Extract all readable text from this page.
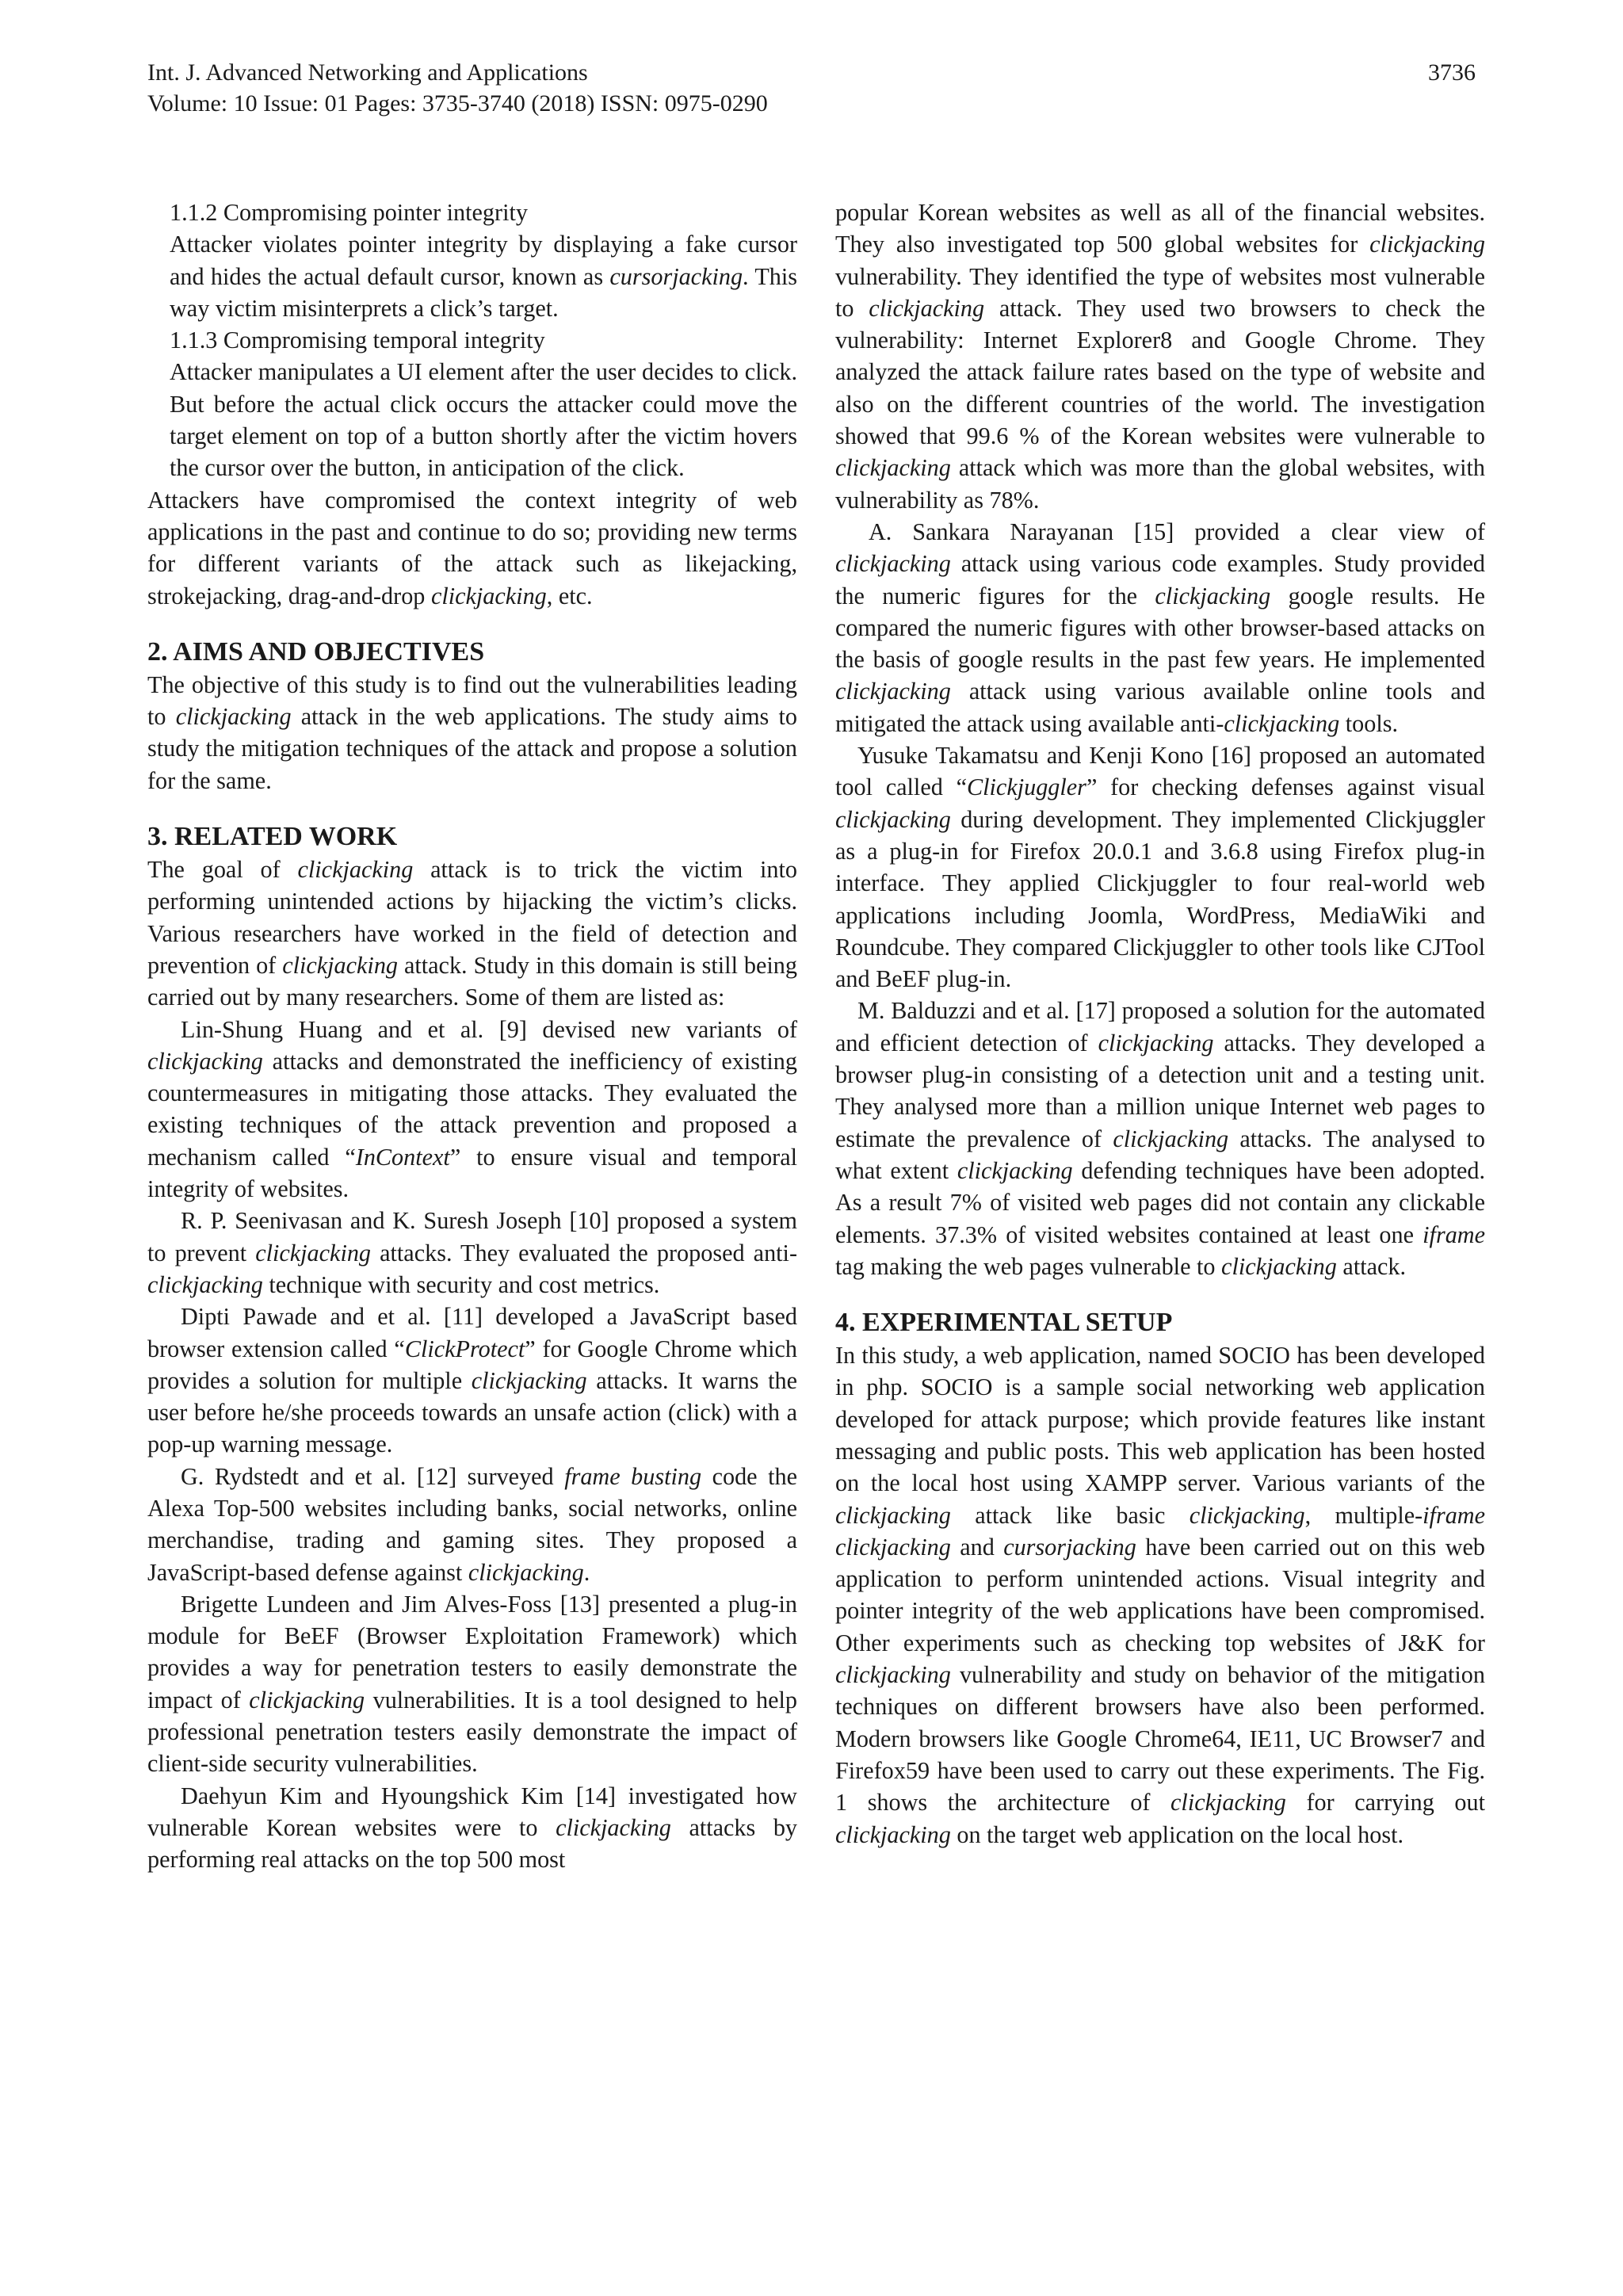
Int. J. Advanced Networking and Applications
Volume: 10 Issue: 01 Pages: 3735-3740 (2018) ISSN: 0975-0290
3736
1.1.2 Compromising pointer integrity

Attacker violates pointer integrity by displaying a fake cursor and hides the actual default cursor, known as cursorjacking. This way victim misinterprets a click’s target.

1.1.3 Compromising temporal integrity

Attacker manipulates a UI element after the user decides to click. But before the actual click occurs the attacker could move the target element on top of a button shortly after the victim hovers the cursor over the button, in anticipation of the click.

Attackers have compromised the context integrity of web applications in the past and continue to do so; providing new terms for different variants of the attack such as likejacking, strokejacking, drag-and-drop clickjacking, etc.

2. AIMS AND OBJECTIVES

The objective of this study is to find out the vulnerabilities leading to clickjacking attack in the web applications. The study aims to study the mitigation techniques of the attack and propose a solution for the same.

3. RELATED WORK

The goal of clickjacking attack is to trick the victim into performing unintended actions by hijacking the victim’s clicks. Various researchers have worked in the field of detection and prevention of clickjacking attack. Study in this domain is still being carried out by many researchers. Some of them are listed as:

Lin-Shung Huang and et al. [9] devised new variants of clickjacking attacks and demonstrated the inefficiency of existing countermeasures in mitigating those attacks. They evaluated the existing techniques of the attack prevention and proposed a mechanism called “InContext” to ensure visual and temporal integrity of websites.

R. P. Seenivasan and K. Suresh Joseph [10] proposed a system to prevent clickjacking attacks. They evaluated the proposed anti-clickjacking technique with security and cost metrics.

Dipti Pawade and et al. [11] developed a JavaScript based browser extension called “ClickProtect” for Google Chrome which provides a solution for multiple clickjacking attacks. It warns the user before he/she proceeds towards an unsafe action (click) with a pop-up warning message.

G. Rydstedt and et al. [12] surveyed frame busting code the Alexa Top-500 websites including banks, social networks, online merchandise, trading and gaming sites. They proposed a JavaScript-based defense against clickjacking.

Brigette Lundeen and Jim Alves-Foss [13] presented a plug-in module for BeEF (Browser Exploitation Framework) which provides a way for penetration testers to easily demonstrate the impact of clickjacking vulnerabilities. It is a tool designed to help professional penetration testers easily demonstrate the impact of client-side security vulnerabilities.

Daehyun Kim and Hyoungshick Kim [14] investigated how vulnerable Korean websites were to clickjacking attacks by performing real attacks on the top 500 most

popular Korean websites as well as all of the financial websites. They also investigated top 500 global websites for clickjacking vulnerability. They identified the type of websites most vulnerable to clickjacking attack. They used two browsers to check the vulnerability: Internet Explorer8 and Google Chrome. They analyzed the attack failure rates based on the type of website and also on the different countries of the world. The investigation showed that 99.6 % of the Korean websites were vulnerable to clickjacking attack which was more than the global websites, with vulnerability as 78%.

A. Sankara Narayanan [15] provided a clear view of clickjacking attack using various code examples. Study provided the numeric figures for the clickjacking google results. He compared the numeric figures with other browser-based attacks on the basis of google results in the past few years. He implemented clickjacking attack using various available online tools and mitigated the attack using available anti-clickjacking tools.

Yusuke Takamatsu and Kenji Kono [16] proposed an automated tool called “Clickjuggler” for checking defenses against visual clickjacking during development. They implemented Clickjuggler as a plug-in for Firefox 20.0.1 and 3.6.8 using Firefox plug-in interface. They applied Clickjuggler to four real-world web applications including Joomla, WordPress, MediaWiki and Roundcube. They compared Clickjuggler to other tools like CJTool and BeEF plug-in.

M. Balduzzi and et al. [17] proposed a solution for the automated and efficient detection of clickjacking attacks. They developed a browser plug-in consisting of a detection unit and a testing unit. They analysed more than a million unique Internet web pages to estimate the prevalence of clickjacking attacks. The analysed to what extent clickjacking defending techniques have been adopted. As a result 7% of visited web pages did not contain any clickable elements. 37.3% of visited websites contained at least one iframe tag making the web pages vulnerable to clickjacking attack.

4. EXPERIMENTAL SETUP

In this study, a web application, named SOCIO has been developed in php. SOCIO is a sample social networking web application developed for attack purpose; which provide features like instant messaging and public posts. This web application has been hosted on the local host using XAMPP server. Various variants of the clickjacking attack like basic clickjacking, multiple-iframe clickjacking and cursorjacking have been carried out on this web application to perform unintended actions. Visual integrity and pointer integrity of the web applications have been compromised. Other experiments such as checking top websites of J&K for clickjacking vulnerability and study on behavior of the mitigation techniques on different browsers have also been performed. Modern browsers like Google Chrome64, IE11, UC Browser7 and Firefox59 have been used to carry out these experiments. The Fig. 1 shows the architecture of clickjacking for carrying out clickjacking on the target web application on the local host.
